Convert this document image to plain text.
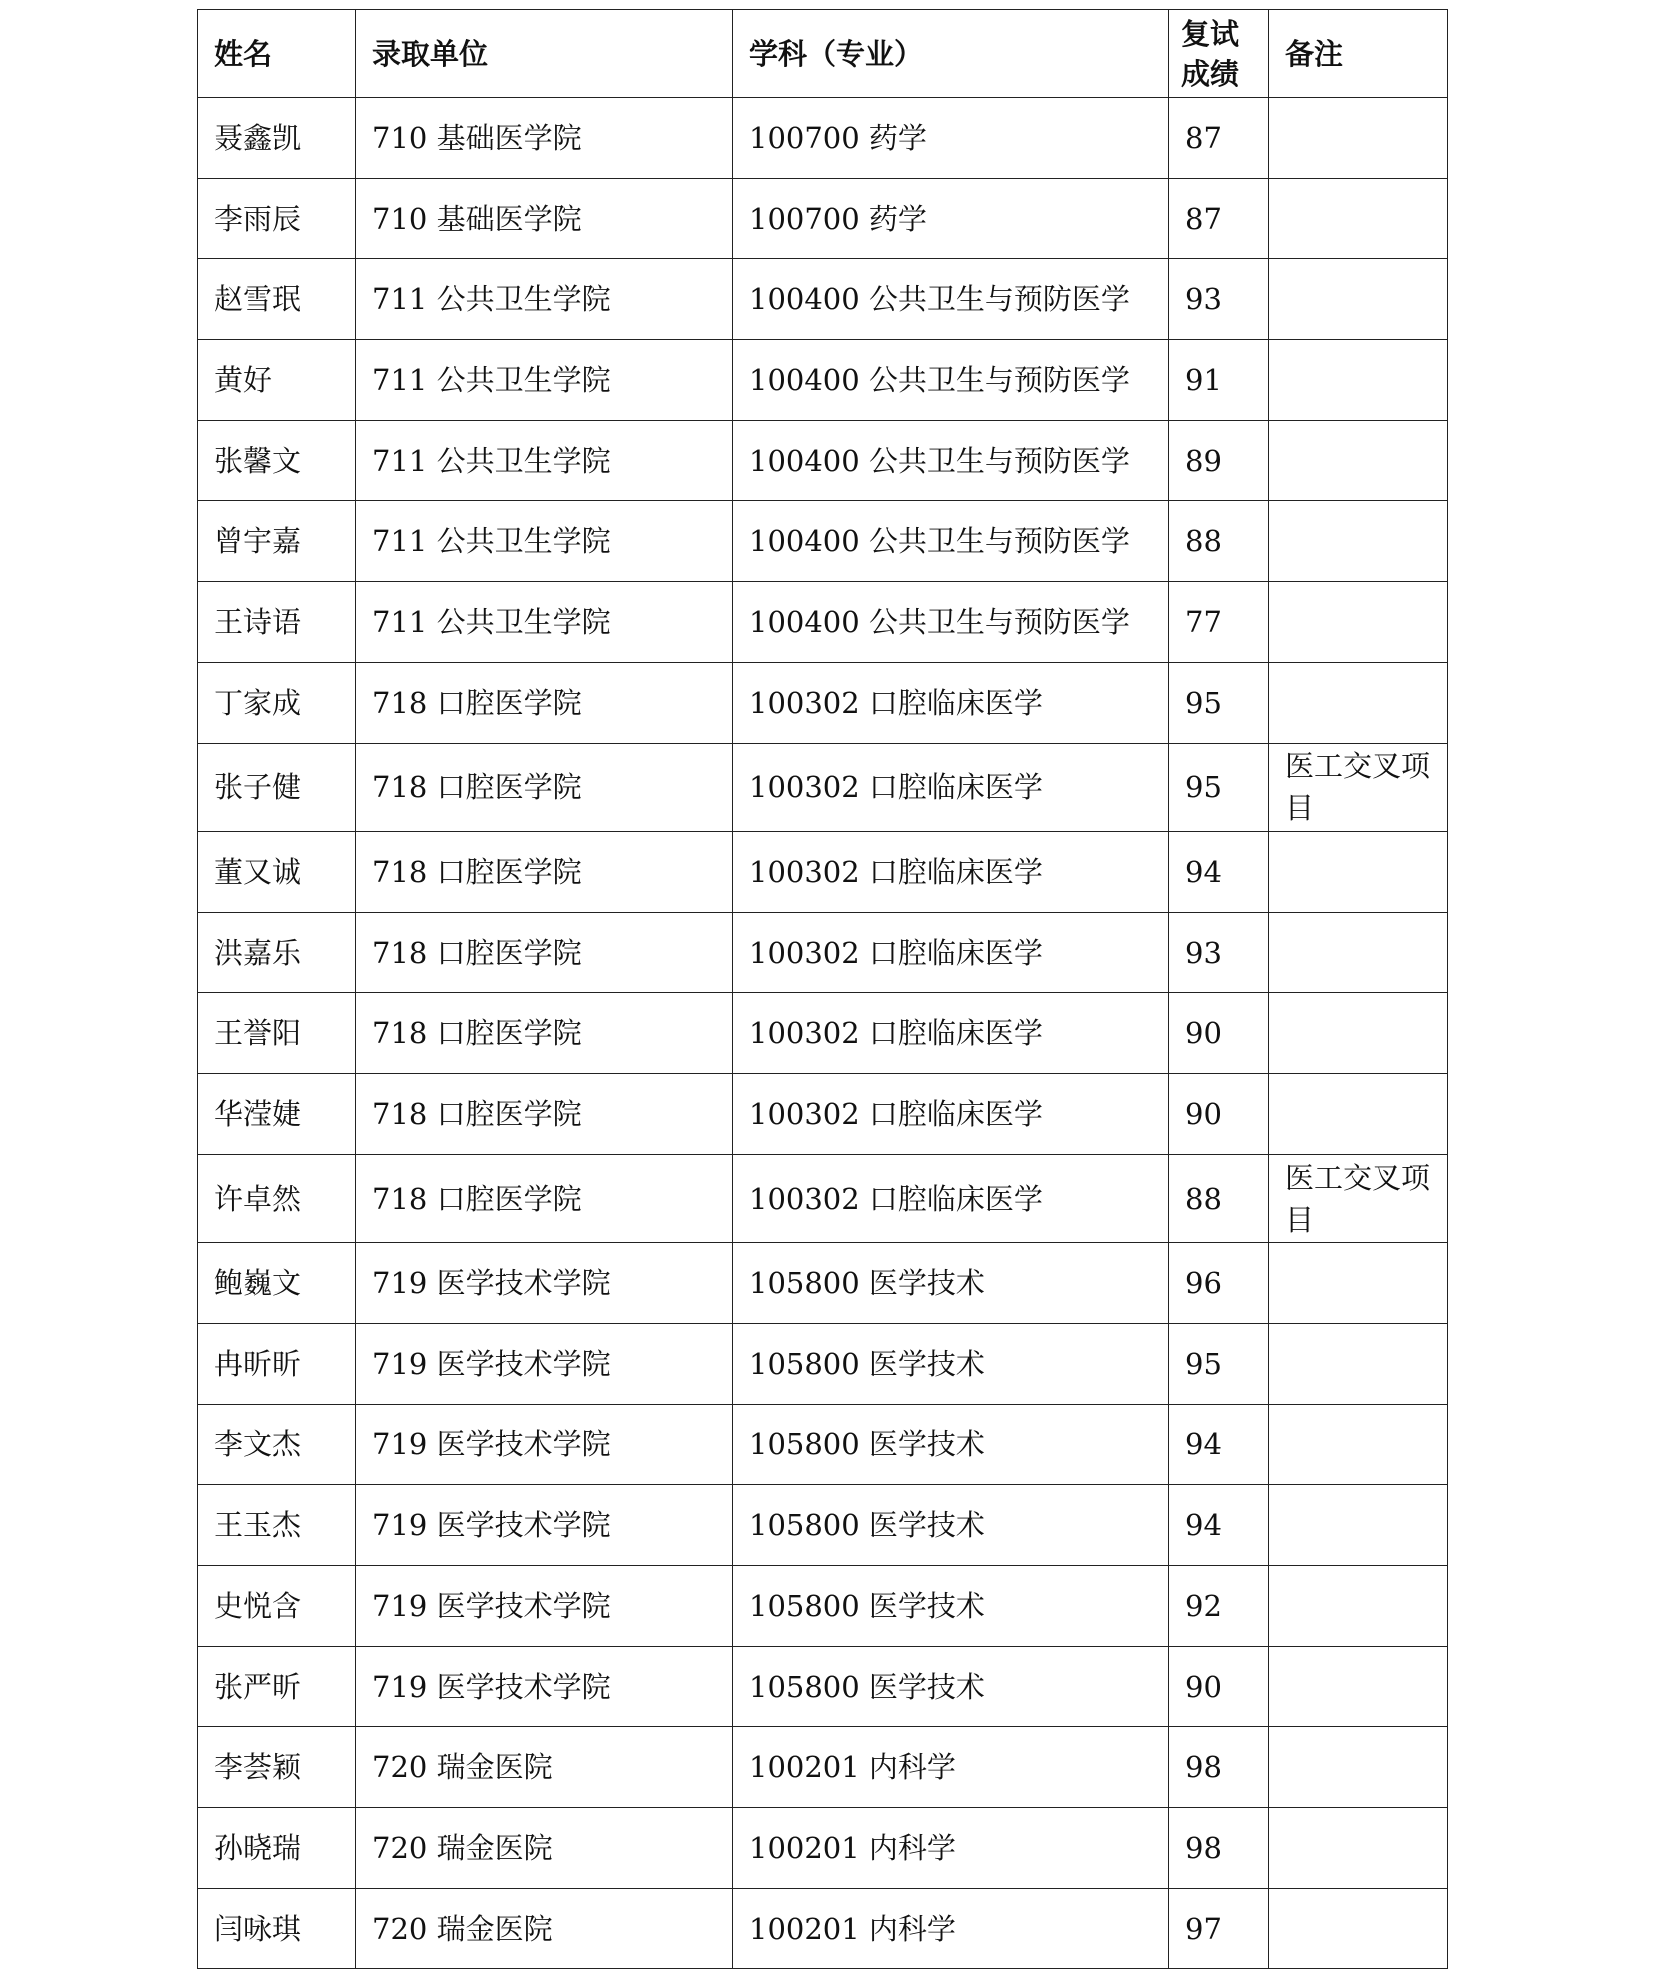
姓名	录取单位	学科（专业）	复试成绩	备注
聂鑫凯	710 基础医学院	100700 药学	87	
李雨辰	710 基础医学院	100700 药学	87	
赵雪珉	711 公共卫生学院	100400 公共卫生与预防医学	93	
黄好	711 公共卫生学院	100400 公共卫生与预防医学	91	
张馨文	711 公共卫生学院	100400 公共卫生与预防医学	89	
曾宇嘉	711 公共卫生学院	100400 公共卫生与预防医学	88	
王诗语	711 公共卫生学院	100400 公共卫生与预防医学	77	
丁家成	718 口腔医学院	100302 口腔临床医学	95	
张子健	718 口腔医学院	100302 口腔临床医学	95	医工交叉项目
董又诚	718 口腔医学院	100302 口腔临床医学	94	
洪嘉乐	718 口腔医学院	100302 口腔临床医学	93	
王誉阳	718 口腔医学院	100302 口腔临床医学	90	
华滢婕	718 口腔医学院	100302 口腔临床医学	90	
许卓然	718 口腔医学院	100302 口腔临床医学	88	医工交叉项目
鲍巍文	719 医学技术学院	105800 医学技术	96	
冉昕昕	719 医学技术学院	105800 医学技术	95	
李文杰	719 医学技术学院	105800 医学技术	94	
王玉杰	719 医学技术学院	105800 医学技术	94	
史悦含	719 医学技术学院	105800 医学技术	92	
张严昕	719 医学技术学院	105800 医学技术	90	
李荟颖	720 瑞金医院	100201 内科学	98	
孙晓瑞	720 瑞金医院	100201 内科学	98	
闫咏琪	720 瑞金医院	100201 内科学	97	
